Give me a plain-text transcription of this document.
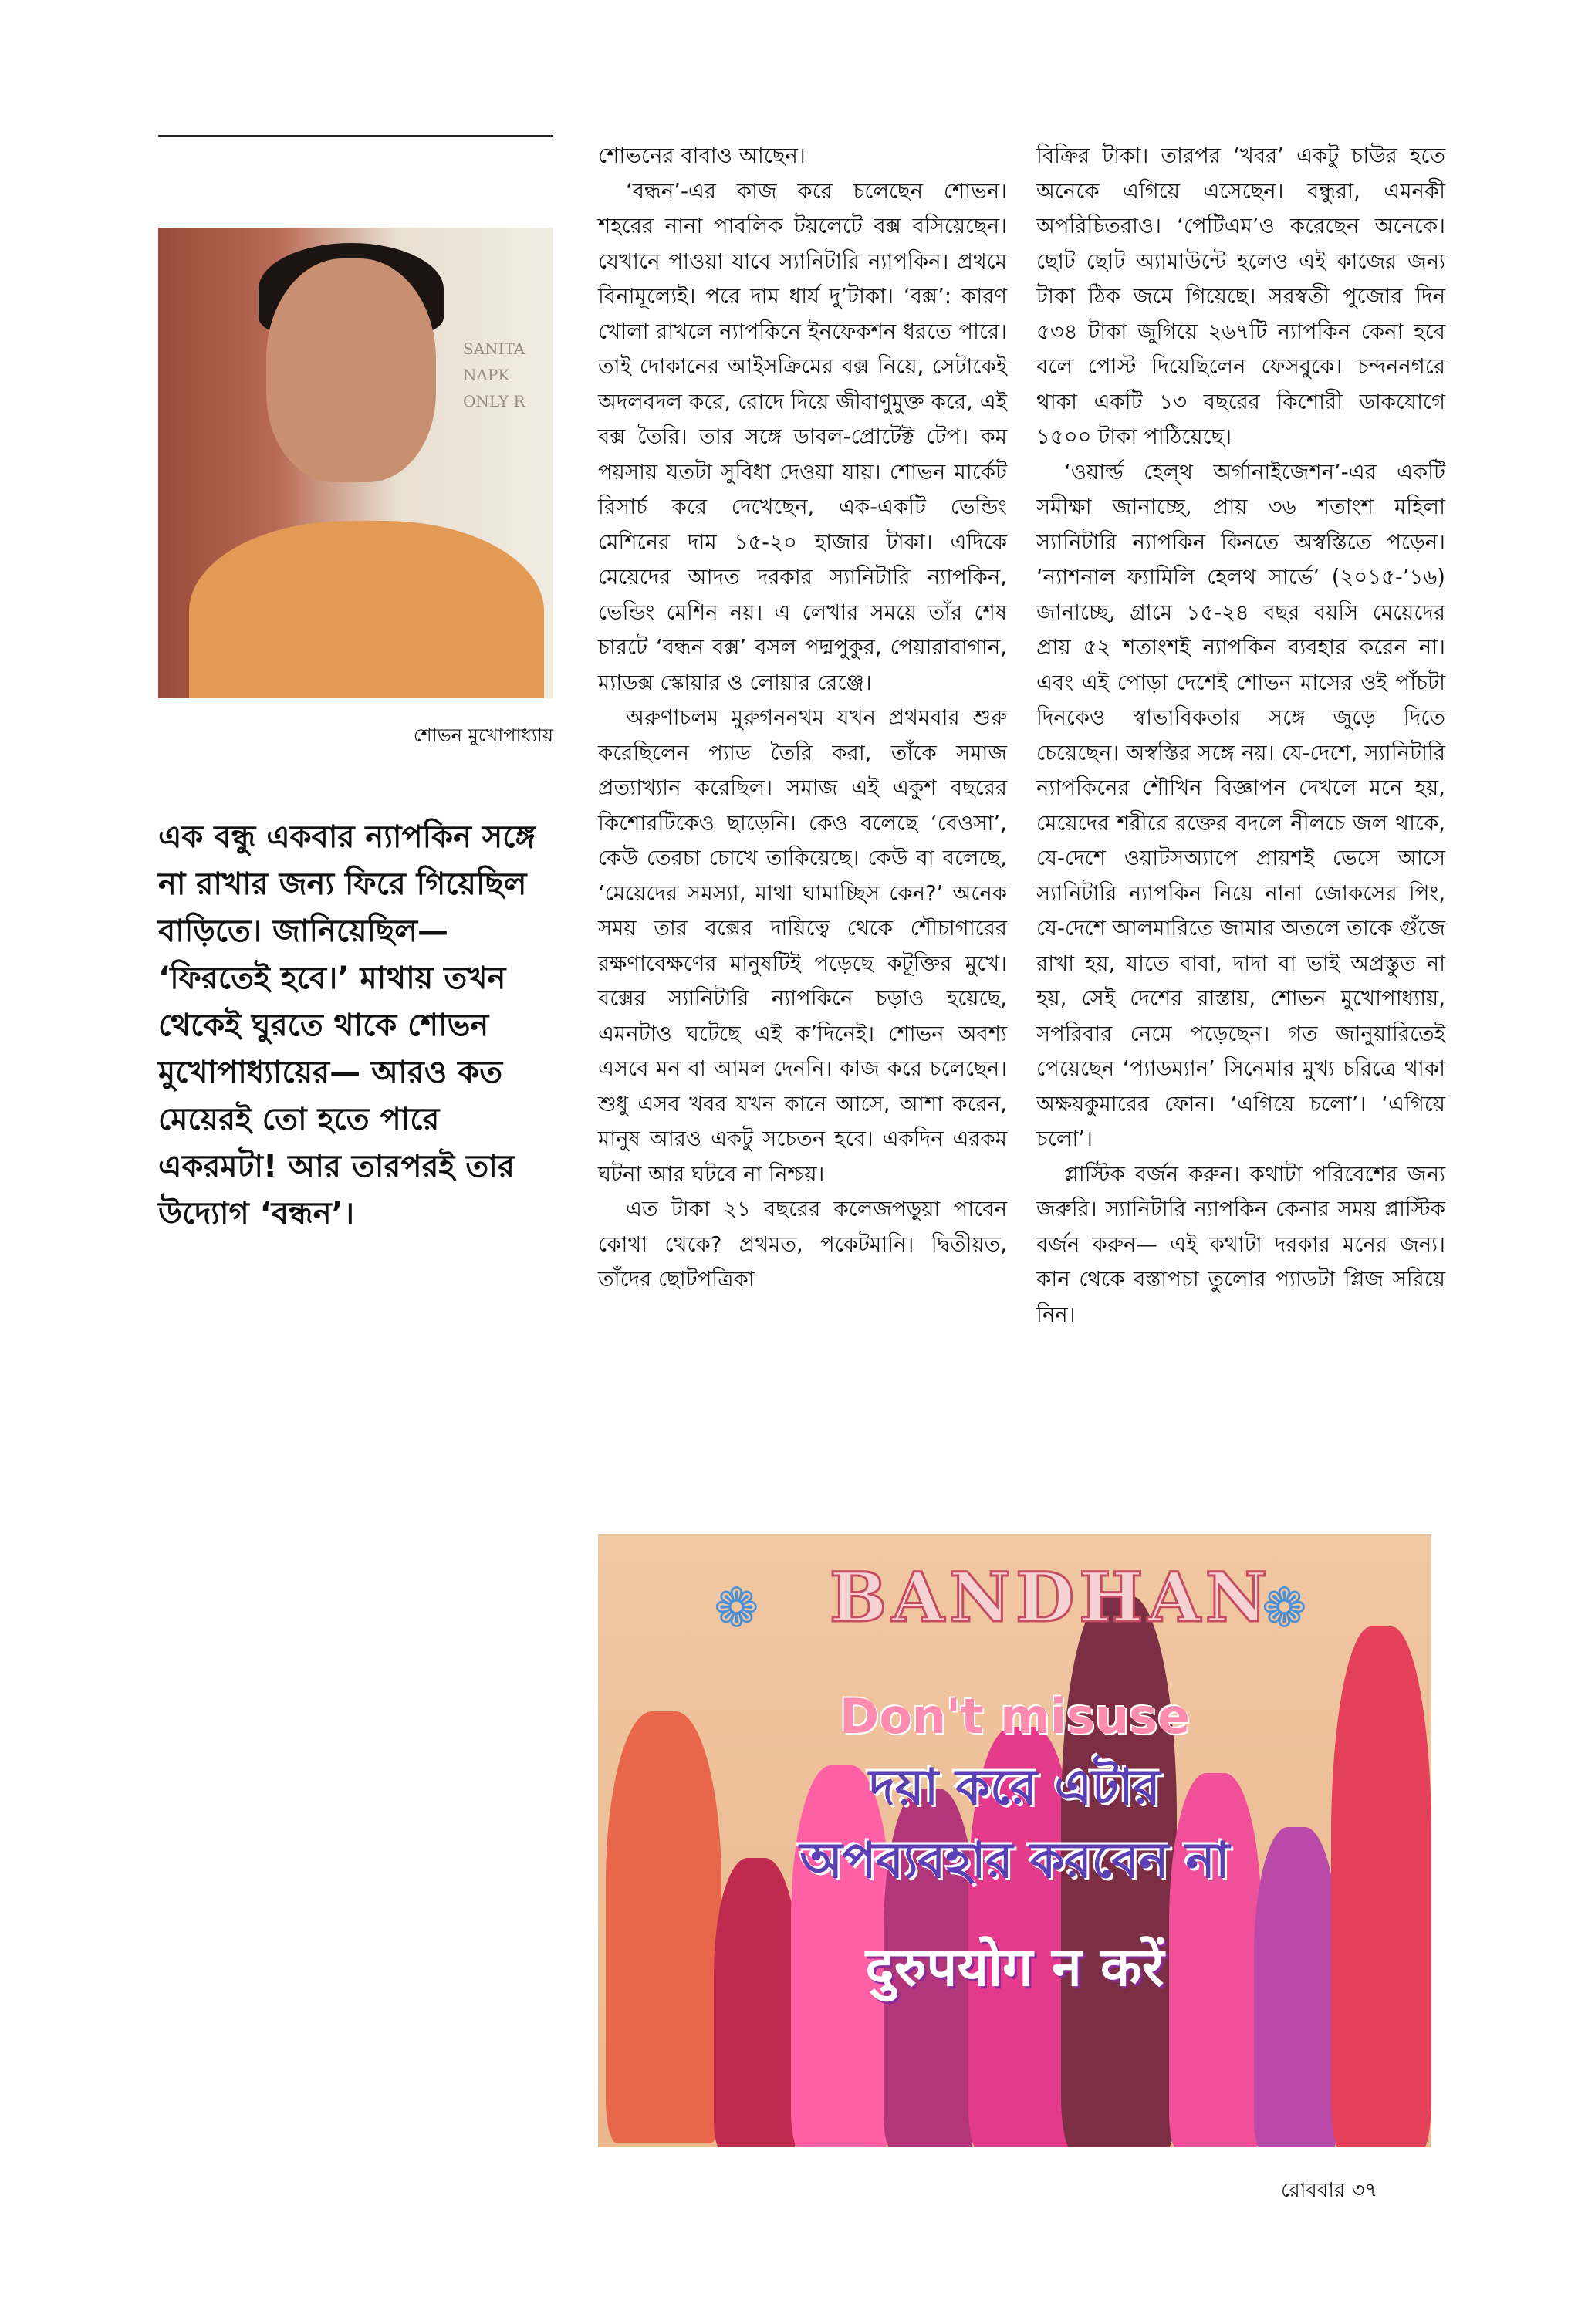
SANITA
NAPK
ONLY R
শোভন মুখোপাধ্যায়
এক বন্ধু একবার ন্যাপকিন সঙ্গে না রাখার জন্য ফিরে গিয়েছিল বাড়িতে। জানিয়েছিল— ‘ফিরতেই হবে।’ মাথায় তখন থেকেই ঘুরতে থাকে শোভন মুখোপাধ্যায়ের— আরও কত মেয়েরই তো হতে পারে একরমটা! আর তারপরই তার উদ্যোগ ‘বন্ধন’।

শোভনের বাবাও আছেন।

‘বন্ধন’-এর কাজ করে চলেছেন শোভন। শহরের নানা পাবলিক টয়লেটে বক্স বসিয়েছেন। যেখানে পাওয়া যাবে স্যানিটারি ন্যাপকিন। প্রথমে বিনামূল্যেই। পরে দাম ধার্য দু’টাকা। ‘বক্স’: কারণ খোলা রাখলে ন্যাপকিনে ইনফেকশন ধরতে পারে। তাই দোকানের আইসক্রিমের বক্স নিয়ে, সেটাকেই অদলবদল করে, রোদে দিয়ে জীবাণুমুক্ত করে, এই বক্স তৈরি। তার সঙ্গে ডাবল-প্রোটেক্ট টেপ। কম পয়সায় যতটা সুবিধা দেওয়া যায়। শোভন মার্কেট রিসার্চ করে দেখেছেন, এক-একটি ভেন্ডিং মেশিনের দাম ১৫-২০ হাজার টাকা। এদিকে মেয়েদের আদত দরকার স্যানিটারি ন্যাপকিন, ভেন্ডিং মেশিন নয়। এ লেখার সময়ে তাঁর শেষ চারটে ‘বন্ধন বক্স’ বসল পদ্মপুকুর, পেয়ারাবাগান, ম্যাডক্স স্কোয়ার ও লোয়ার রেঞ্জে।

অরুণাচলম মুরুগননথম যখন প্রথমবার শুরু করেছিলেন প্যাড তৈরি করা, তাঁকে সমাজ প্রত্যাখ্যান করেছিল। সমাজ এই একুশ বছরের কিশোরটিকেও ছাড়েনি। কেও বলেছে ‘বেওসা’, কেউ তেরচা চোখে তাকিয়েছে। কেউ বা বলেছে, ‘মেয়েদের সমস্যা, মাথা ঘামাচ্ছিস কেন?’ অনেক সময় তার বক্সের দায়িত্বে থেকে শৌচাগারের রক্ষণাবেক্ষণের মানুষটিই পড়েছে কটূক্তির মুখে। বক্সের স্যানিটারি ন্যাপকিনে চড়াও হয়েছে, এমনটাও ঘটেছে এই ক’দিনেই। শোভন অবশ্য এসবে মন বা আমল দেননি। কাজ করে চলেছেন। শুধু এসব খবর যখন কানে আসে, আশা করেন, মানুষ আরও একটু সচেতন হবে। একদিন এরকম ঘটনা আর ঘটবে না নিশ্চয়।

এত টাকা ২১ বছরের কলেজপড়ুয়া পাবেন কোথা থেকে? প্রথমত, পকেটমানি। দ্বিতীয়ত, তাঁদের ছোটপত্রিকা

বিক্রির টাকা। তারপর ‘খবর’ একটু চাউর হতে অনেকে এগিয়ে এসেছেন। বন্ধুরা, এমনকী অপরিচিতরাও। ‘পেটিএম’ও করেছেন অনেকে। ছোট ছোট অ্যামাউন্টে হলেও এই কাজের জন্য টাকা ঠিক জমে গিয়েছে। সরস্বতী পুজোর দিন ৫৩৪ টাকা জুগিয়ে ২৬৭টি ন্যাপকিন কেনা হবে বলে পোস্ট দিয়েছিলেন ফেসবুকে। চন্দননগরে থাকা একটি ১৩ বছরের কিশোরী ডাকযোগে ১৫০০ টাকা পাঠিয়েছে।

‘ওয়ার্ল্ড হেল্থ অর্গানাইজেশন’-এর একটি সমীক্ষা জানাচ্ছে, প্রায় ৩৬ শতাংশ মহিলা স্যানিটারি ন্যাপকিন কিনতে অস্বস্তিতে পড়েন। ‘ন্যাশনাল ফ্যামিলি হেলথ সার্ভে’ (২০১৫-’১৬) জানাচ্ছে, গ্রামে ১৫-২৪ বছর বয়সি মেয়েদের প্রায় ৫২ শতাংশই ন্যাপকিন ব্যবহার করেন না। এবং এই পোড়া দেশেই শোভন মাসের ওই পাঁচটা দিনকেও স্বাভাবিকতার সঙ্গে জুড়ে দিতে চেয়েছেন। অস্বস্তির সঙ্গে নয়। যে-দেশে, স্যানিটারি ন্যাপকিনের শৌখিন বিজ্ঞাপন দেখলে মনে হয়, মেয়েদের শরীরে রক্তের বদলে নীলচে জল থাকে, যে-দেশে ওয়াটসঅ্যাপে প্রায়শই ভেসে আসে স্যানিটারি ন্যাপকিন নিয়ে নানা জোকসের পিং, যে-দেশে আলমারিতে জামার অতলে তাকে গুঁজে রাখা হয়, যাতে বাবা, দাদা বা ভাই অপ্রস্তুত না হয়, সেই দেশের রাস্তায়, শোভন মুখোপাধ্যায়, সপরিবার নেমে পড়েছেন। গত জানুয়ারিতেই পেয়েছেন ‘প্যাডম্যান’ সিনেমার মুখ্য চরিত্রে থাকা অক্ষয়কুমারের ফোন। ‘এগিয়ে চলো’। ‘এগিয়ে চলো’।

প্লাস্টিক বর্জন করুন। কথাটা পরিবেশের জন্য জরুরি। স্যানিটারি ন্যাপকিন কেনার সময় প্লাস্টিক বর্জন করুন— এই কথাটা দরকার মনের জন্য। কান থেকে বস্তাপচা তুলোর প্যাডটা প্লিজ সরিয়ে নিন।

❁	❁
BANDHAN
Don't misuse
দয়া করে এটার
অপব্যবহার করবেন না
दुरुपयोग न करें
রোববার ৩৭
